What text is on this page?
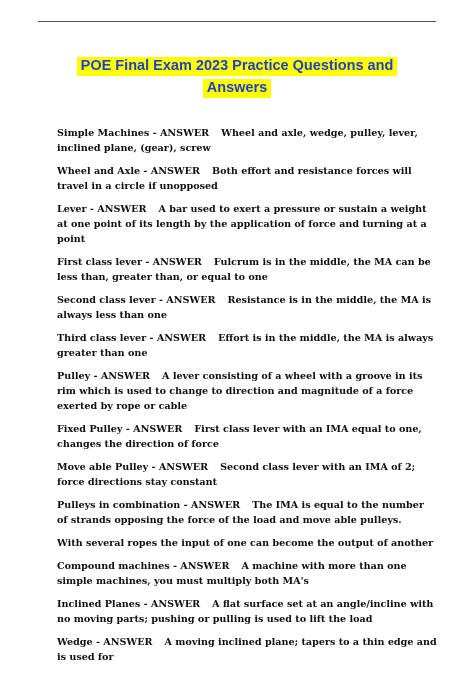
POE Final Exam 2023 Practice Questions and
Answers

Simple Machines - ANSWER Wheel and axle, wedge, pulley, lever, inclined plane, (gear), screw

Wheel and Axle - ANSWER Both effort and resistance forces will travel in a circle if unopposed

Lever - ANSWER A bar used to exert a pressure or sustain a weight at one point of its length by the application of force and turning at a point

First class lever - ANSWER Fulcrum is in the middle, the MA can be less than, greater than, or equal to one

Second class lever - ANSWER Resistance is in the middle, the MA is always less than one

Third class lever - ANSWER Effort is in the middle, the MA is always greater than one

Pulley - ANSWER A lever consisting of a wheel with a groove in its rim which is used to change to direction and magnitude of a force exerted by rope or cable

Fixed Pulley - ANSWER First class lever with an IMA equal to one, changes the direction of force

Move able Pulley - ANSWER Second class lever with an IMA of 2; force directions stay constant

Pulleys in combination - ANSWER The IMA is equal to the number of strands opposing the force of the load and move able pulleys.

With several ropes the input of one can become the output of another

Compound machines - ANSWER A machine with more than one simple machines, you must multiply both MA's

Inclined Planes - ANSWER A flat surface set at an angle/incline with no moving parts; pushing or pulling is used to lift the load

Wedge - ANSWER A moving inclined plane; tapers to a thin edge and is used for
